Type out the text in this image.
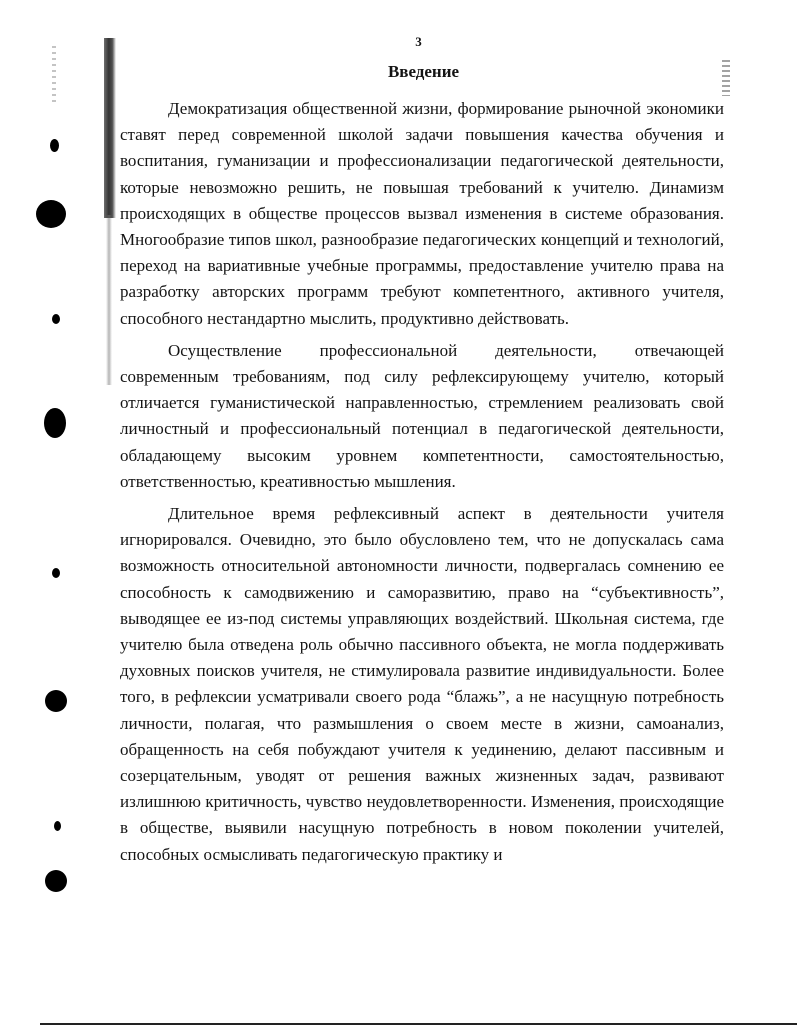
3
Введение

Демократизация общественной жизни, формирование рыночной экономики ставят перед современной школой задачи повышения качества обучения и воспитания, гуманизации и профессионализации педагогической деятельности, которые невозможно решить, не повышая требований к учителю. Динамизм происходящих в обществе процессов вызвал изменения в системе образования. Многообразие типов школ, разнообразие педагогических концепций и технологий, переход на вариативные учебные программы, предоставление учителю права на разработку авторских программ требуют компетентного, активного учителя, способного нестандартно мыслить, продуктивно действовать.

Осуществление профессиональной деятельности, отвечающей современным требованиям, под силу рефлексирующему учителю, который отличается гуманистической направленностью, стремлением реализовать свой личностный и профессиональный потенциал в педагогической деятельности, обладающему высоким уровнем компетентности, самостоятельностью, ответственностью, креативностью мышления.

Длительное время рефлексивный аспект в деятельности учителя игнорировался. Очевидно, это было обусловлено тем, что не допускалась сама возможность относительной автономности личности, подвергалась сомнению ее способность к самодвижению и саморазвитию, право на “субъективность”, выводящее ее из-под системы управляющих воздействий. Школьная система, где учителю была отведена роль обычно пассивного объекта, не могла поддерживать духовных поисков учителя, не стимулировала развитие индивидуальности. Более того, в рефлексии усматривали своего рода “блажь”, а не насущную потребность личности, полагая, что размышления о своем месте в жизни, самоанализ, обращенность на себя побуждают учителя к уединению, делают пассивным и созерцательным, уводят от решения важных жизненных задач, развивают излишнюю критичность, чувство неудовлетворенности. Изменения, происходящие в обществе, выявили насущную потребность в новом поколении учителей, способных осмысливать педагогическую практику и
